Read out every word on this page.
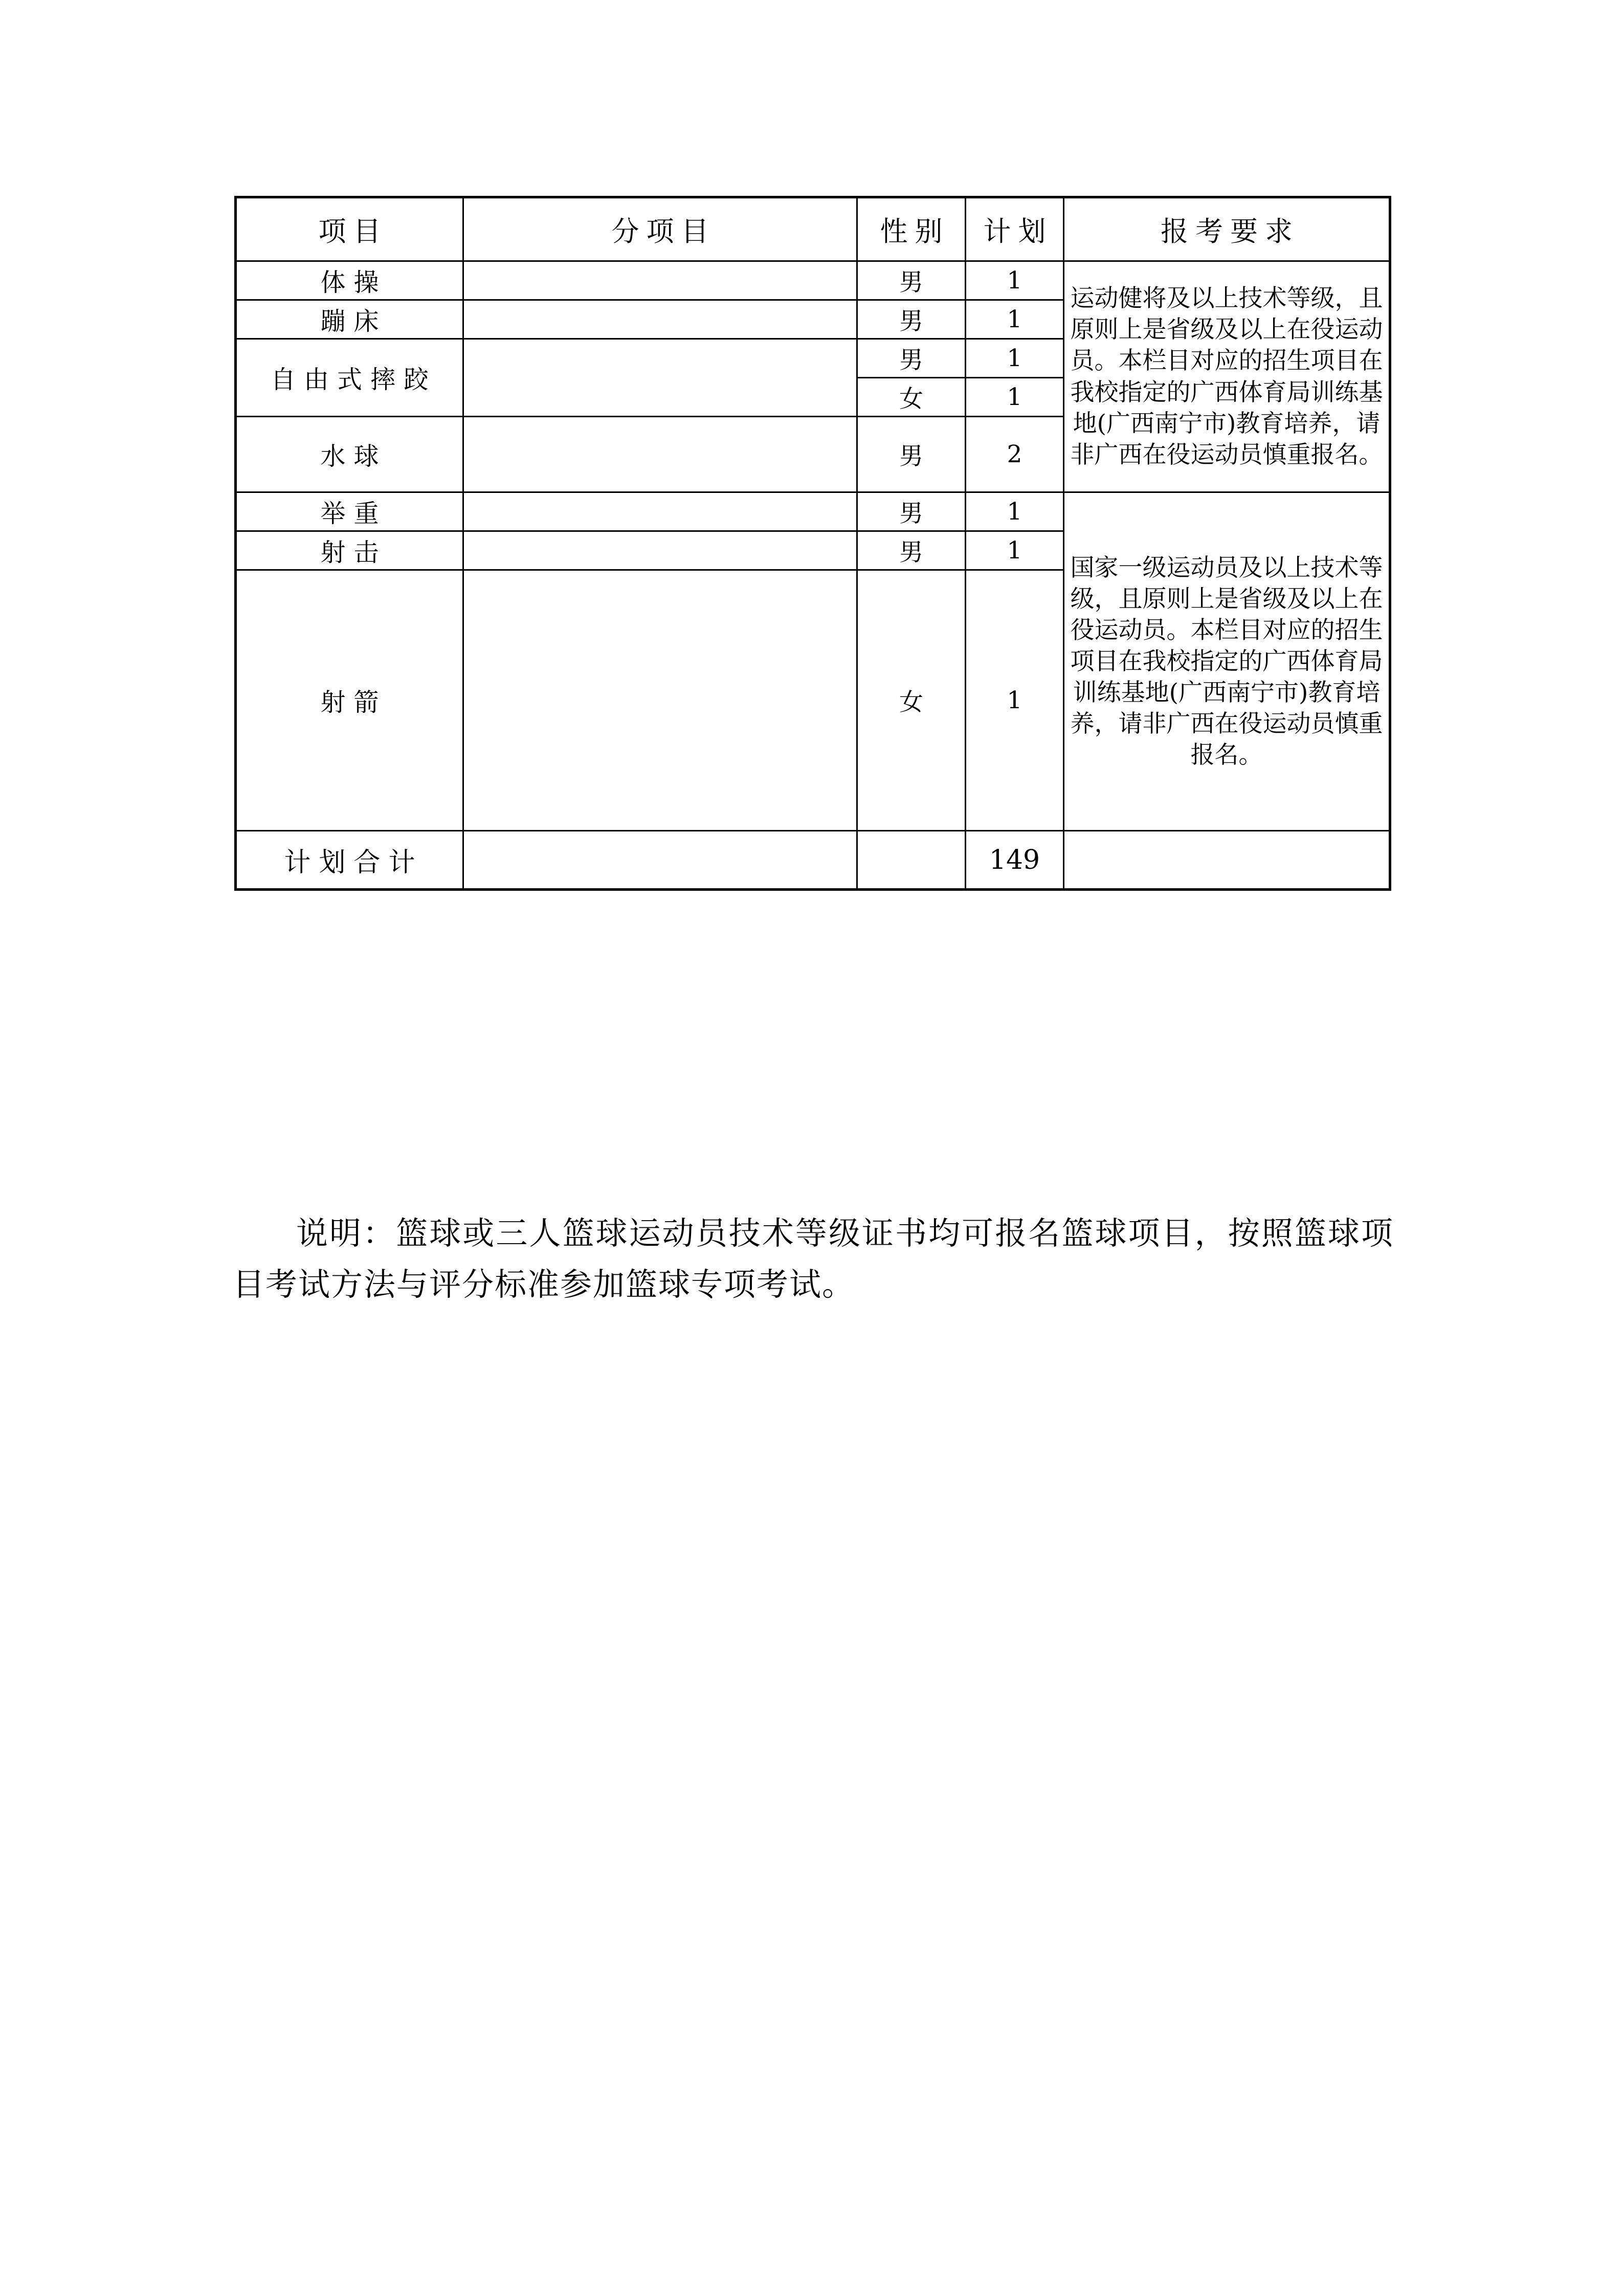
项目	分项目	性别	计划	报考要求
体操		男	1	运动健将及以上技术等级，且原则上是省级及以上在役运动员。本栏目对应的招生项目在我校指定的广西体育局训练基地(广西南宁市)教育培养，请非广西在役运动员慎重报名。
蹦床		男	1	
自由式摔跤		男	1	
		女	1	
水球		男	2	
举重		男	1	国家一级运动员及以上技术等级，且原则上是省级及以上在役运动员。本栏目对应的招生项目在我校指定的广西体育局训练基地(广西南宁市)教育培养，请非广西在役运动员慎重报名。
射击		男	1	
射箭		女	1	
计划合计			149	

说明：篮球或三人篮球运动员技术等级证书均可报名篮球项目，按照篮球项目考试方法与评分标准参加篮球专项考试。
